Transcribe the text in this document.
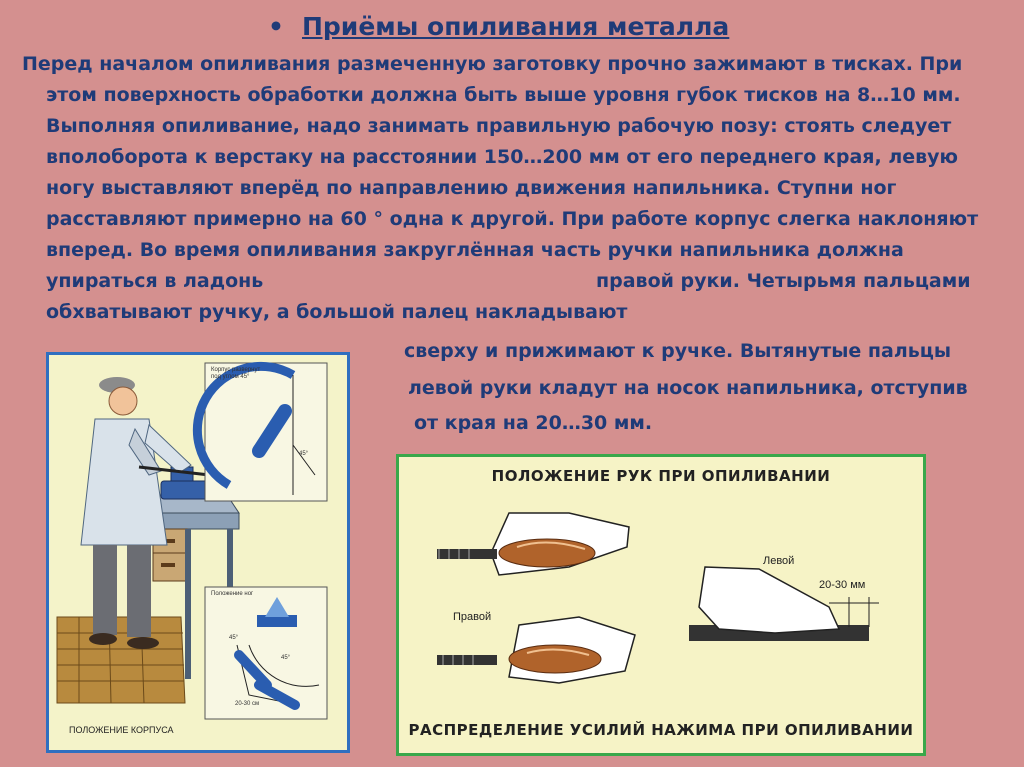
• Приёмы опиливания металла
Перед началом опиливания размеченную заготовку прочно зажимают в тисках. При
этом поверхность обработки должна быть выше уровня губок тисков на 8…10 мм.
Выполняя опиливание, надо занимать правильную рабочую позу: стоять следует
вполоборота к верстаку на расстоянии 150…200 мм от его переднего края, левую
ногу выставляют вперёд по направлению движения напильника. Ступни ног
расставляют примерно на 60 ° одна к другой. При работе корпус слегка наклоняют
вперед. Во время опиливания закруглённая часть ручки напильника должна
упираться в ладонь	правой руки. Четырьмя пальцами
обхватывают ручку, а большой палец накладывают
сверху и прижимают к ручке. Вытянутые пальцы
левой руки кладут на носок напильника, отступив
от края на 20…30 мм.
Корпус развернут
под углом 45°
45°
Положение ног
45°
45°
20-30 см
ПОЛОЖЕНИЕ КОРПУСА
ПОЛОЖЕНИЕ РУК ПРИ ОПИЛИВАНИИ
Левой
20-30 мм
Правой
РАСПРЕДЕЛЕНИЕ УСИЛИЙ НАЖИМА ПРИ ОПИЛИВАНИИ
